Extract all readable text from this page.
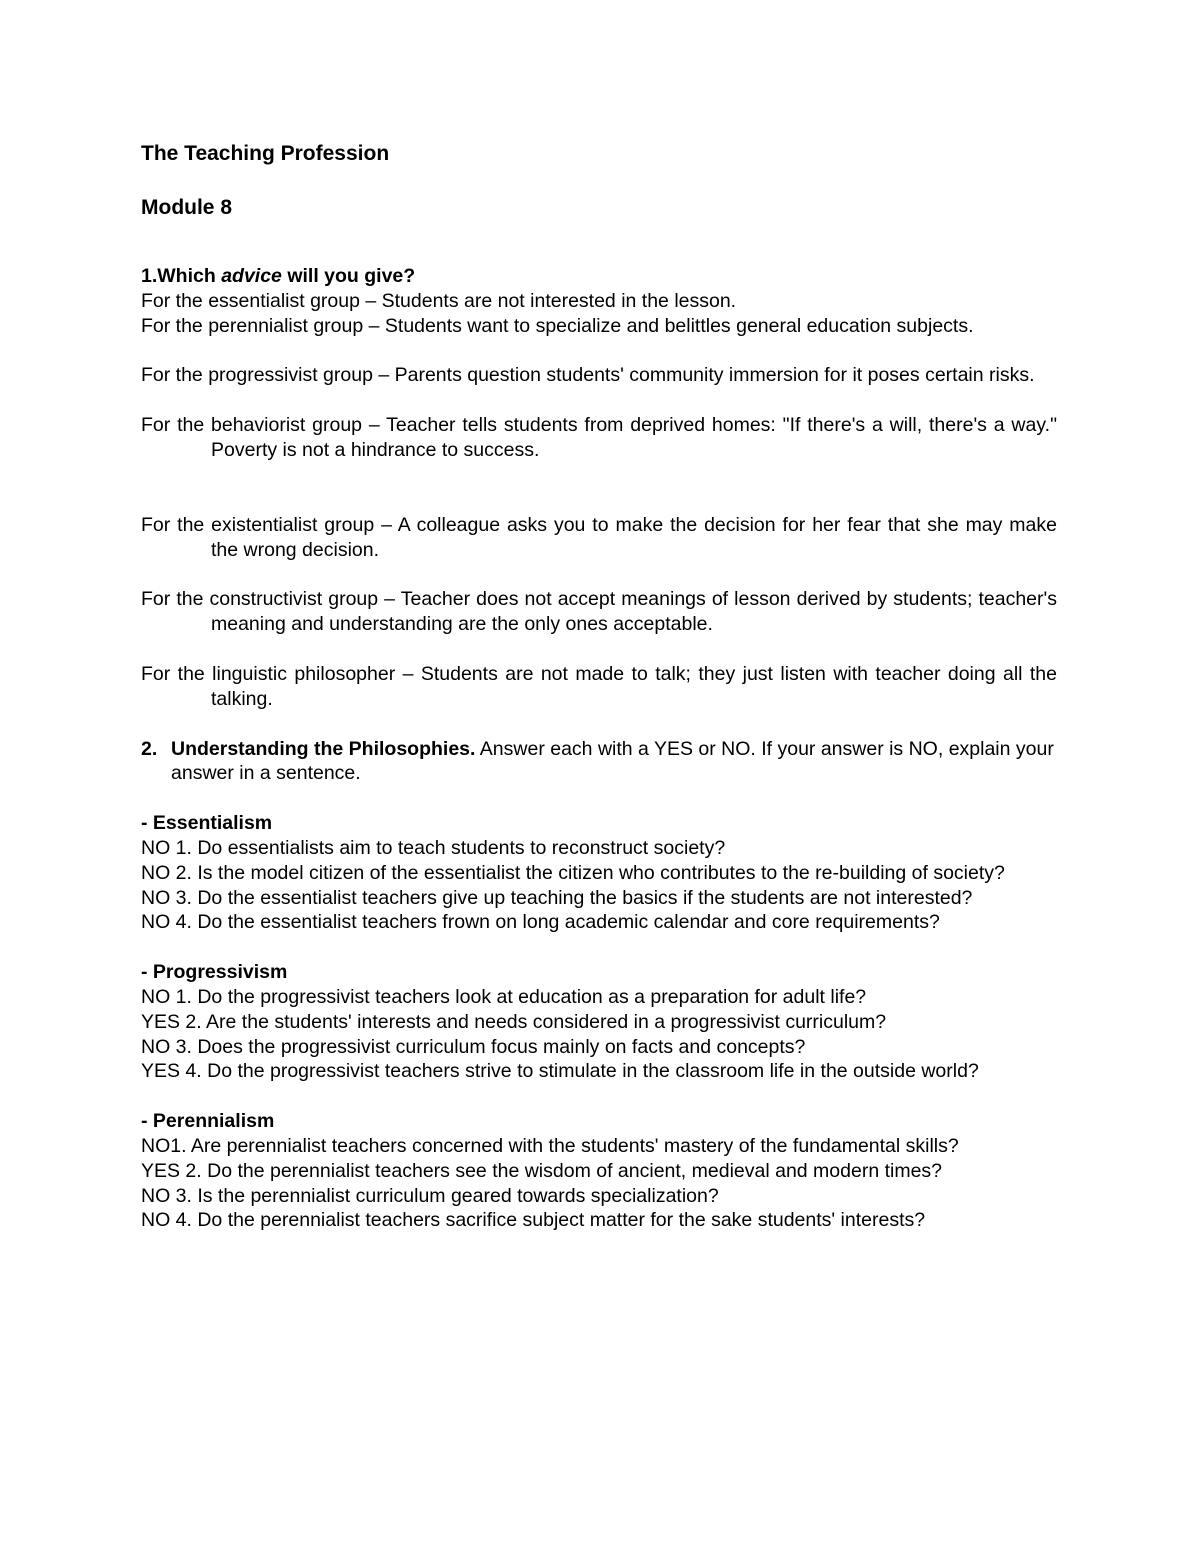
The Teaching Profession
Module 8
1.Which advice will you give?

For the essentialist group – Students are not interested in the lesson.

For the perennialist group – Students want to specialize and belittles general education subjects.

For the progressivist group – Parents question students' community immersion for it poses certain risks.

For the behaviorist group – Teacher tells students from deprived homes: "If there's a will, there's a way." Poverty is not a hindrance to success.

For the existentialist group – A colleague asks you to make the decision for her fear that she may make the wrong decision.

For the constructivist group – Teacher does not accept meanings of lesson derived by students; teacher's meaning and understanding are the only ones acceptable.

For the linguistic philosopher – Students are not made to talk; they just listen with teacher doing all the talking.

2. Understanding the Philosophies. Answer each with a YES or NO. If your answer is NO, explain your answer in a sentence.
- Essentialism

NO 1. Do essentialists aim to teach students to reconstruct society?

NO 2. Is the model citizen of the essentialist the citizen who contributes to the re-building of society?

NO 3. Do the essentialist teachers give up teaching the basics if the students are not interested?

NO 4. Do the essentialist teachers frown on long academic calendar and core requirements?

- Progressivism

NO 1. Do the progressivist teachers look at education as a preparation for adult life?

YES 2. Are the students' interests and needs considered in a progressivist curriculum?

NO 3. Does the progressivist curriculum focus mainly on facts and concepts?

YES 4. Do the progressivist teachers strive to stimulate in the classroom life in the outside world?

- Perennialism

NO1. Are perennialist teachers concerned with the students' mastery of the fundamental skills?

YES 2. Do the perennialist teachers see the wisdom of ancient, medieval and modern times?

NO 3. Is the perennialist curriculum geared towards specialization?

NO 4. Do the perennialist teachers sacrifice subject matter for the sake students' interests?
